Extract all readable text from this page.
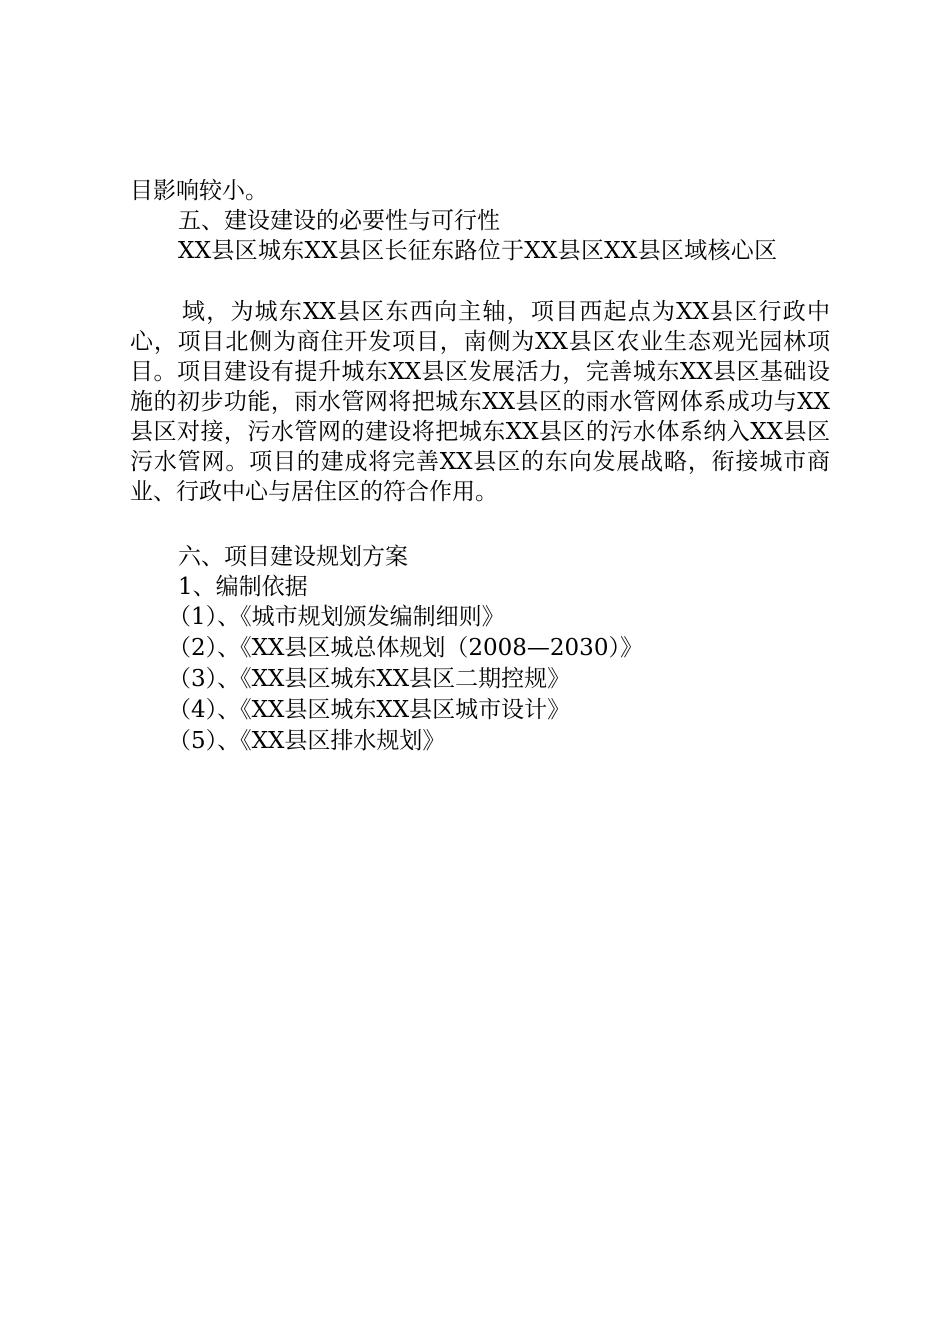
目影响较小。
五、建设建设的必要性与可行性
XX县区城东XX县区长征东路位于XX县区XX县区域核心区
域，为城东XX县区东西向主轴，项目西起点为XX县区行政中心，项目北侧为商住开发项目，南侧为XX县区农业生态观光园林项目。项目建设有提升城东XX县区发展活力，完善城东XX县区基础设施的初步功能，雨水管网将把城东XX县区的雨水管网体系成功与XX县区对接，污水管网的建设将把城东XX县区的污水体系纳入XX县区污水管网。项目的建成将完善XX县区的东向发展战略，衔接城市商业、行政中心与居住区的符合作用。
六、项目建设规划方案
1、编制依据
（1）、《城市规划颁发编制细则》
（2）、《XX县区城总体规划（2008—2030）》
（3）、《XX县区城东XX县区二期控规》
（4）、《XX县区城东XX县区城市设计》
（5）、《XX县区排水规划》
